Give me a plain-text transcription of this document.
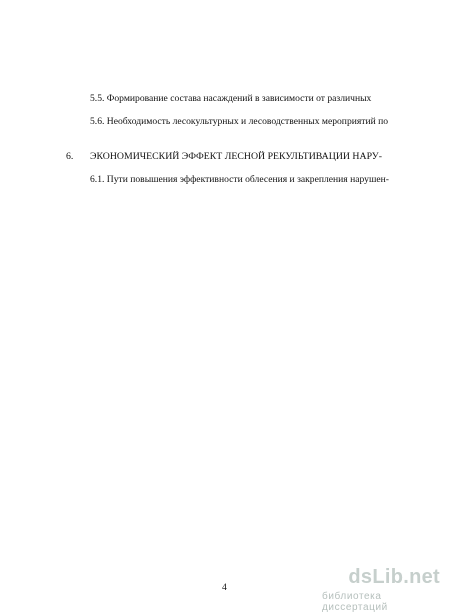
5.5. Формирование состава насаждений в зависимости от различных
5.6. Необходимость лесокультурных и лесоводственных мероприятий по
6. ЭКОНОМИЧЕСКИЙ ЭФФЕКТ ЛЕСНОЙ РЕКУЛЬТИВАЦИИ НАРУ-
6.1. Пути повышения эффективности облесения и закрепления нарушен-
4	dsLib.net
библиотека диссертаций
